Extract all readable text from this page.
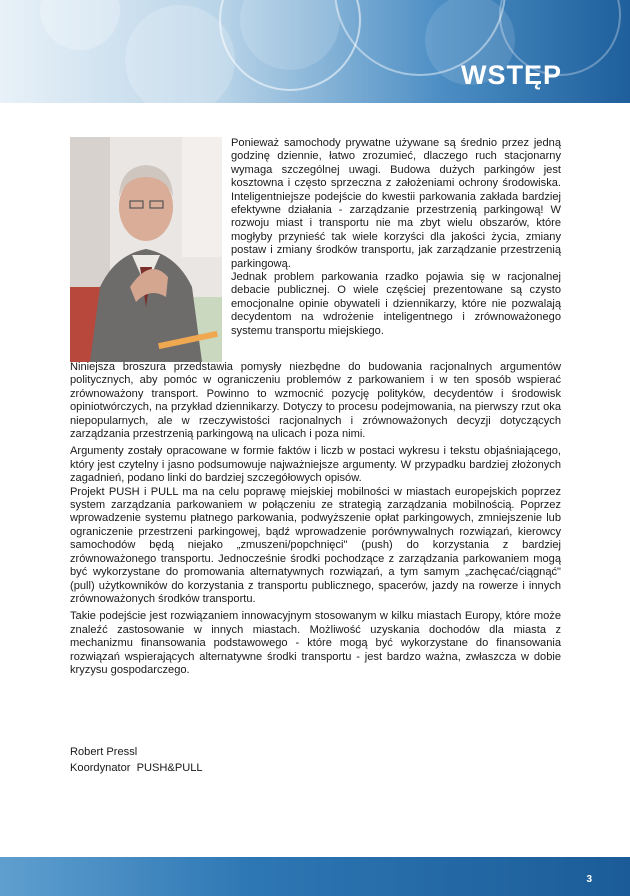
WSTĘP

Ponieważ samochody prywatne używane są średnio przez jedną godzinę dziennie, łatwo zrozumieć, dlaczego ruch stacjonarny wymaga szczególnej uwagi. Budowa dużych parkingów jest kosztowna i często sprzeczna z założeniami ochrony środowiska. Inteligentniejsze podejście do kwestii parkowania zakłada bardziej efektywne działania - zarządzanie przestrzenią parkingową! W rozwoju miast i transportu nie ma zbyt wielu obszarów, które mogłyby przynieść tak wiele korzyści dla jakości życia, zmiany postaw i zmiany środków transportu, jak zarządzanie przestrzenią parkingową.

Jednak problem parkowania rzadko pojawia się w racjonalnej debacie publicznej. O wiele częściej prezentowane są czysto emocjonalne opinie obywateli i dziennikarzy, które nie pozwalają decydentom na wdrożenie inteligentnego i zrównoważonego systemu transportu miejskiego.

Niniejsza broszura przedstawia pomysły niezbędne do budowania racjonalnych argumentów politycznych, aby pomóc w ograniczeniu problemów z parkowaniem i w ten sposób wspierać zrównoważony transport. Powinno to wzmocnić pozycję polityków, decydentów i środowisk opiniotwórczych, na przykład dziennikarzy. Dotyczy to procesu podejmowania, na pierwszy rzut oka niepopularnych, ale w rzeczywistości racjonalnych i zrównoważonych decyzji dotyczących zarządzania przestrzenią parkingową na ulicach i poza nimi.

Argumenty zostały opracowane w formie faktów i liczb w postaci wykresu i tekstu objaśniającego, który jest czytelny i jasno podsumowuje najważniejsze argumenty. W przypadku bardziej złożonych zagadnień, podano linki do bardziej szczegółowych opisów.

Projekt PUSH i PULL ma na celu poprawę miejskiej mobilności w miastach europejskich poprzez system zarządzania parkowaniem w połączeniu ze strategią zarządzania mobilnością. Poprzez wprowadzenie systemu płatnego parkowania, podwyższenie opłat parkingowych, zmniejszenie lub ograniczenie przestrzeni parkingowej, bądź wprowadzenie porównywalnych rozwiązań, kierowcy samochodów będą niejako „zmuszeni/popchnięci" (push) do korzystania z bardziej zrównoważonego transportu. Jednocześnie środki pochodzące z zarządzania parkowaniem mogą być wykorzystane do promowania alternatywnych rozwiązań, a tym samym „zachęcać/ciągnąć" (pull) użytkowników do korzystania z transportu publicznego, spacerów, jazdy na rowerze i innych zrównoważonych środków transportu.

Takie podejście jest rozwiązaniem innowacyjnym stosowanym w kilku miastach Europy, które może znaleźć zastosowanie w innych miastach. Możliwość uzyskania dochodów dla miasta z mechanizmu finansowania podstawowego - które mogą być wykorzystane do finansowania rozwiązań wspierających alternatywne środki transportu - jest bardzo ważna, zwłaszcza w dobie kryzysu gospodarczego.

Robert Pressl
Koordynator  PUSH&PULL
3
